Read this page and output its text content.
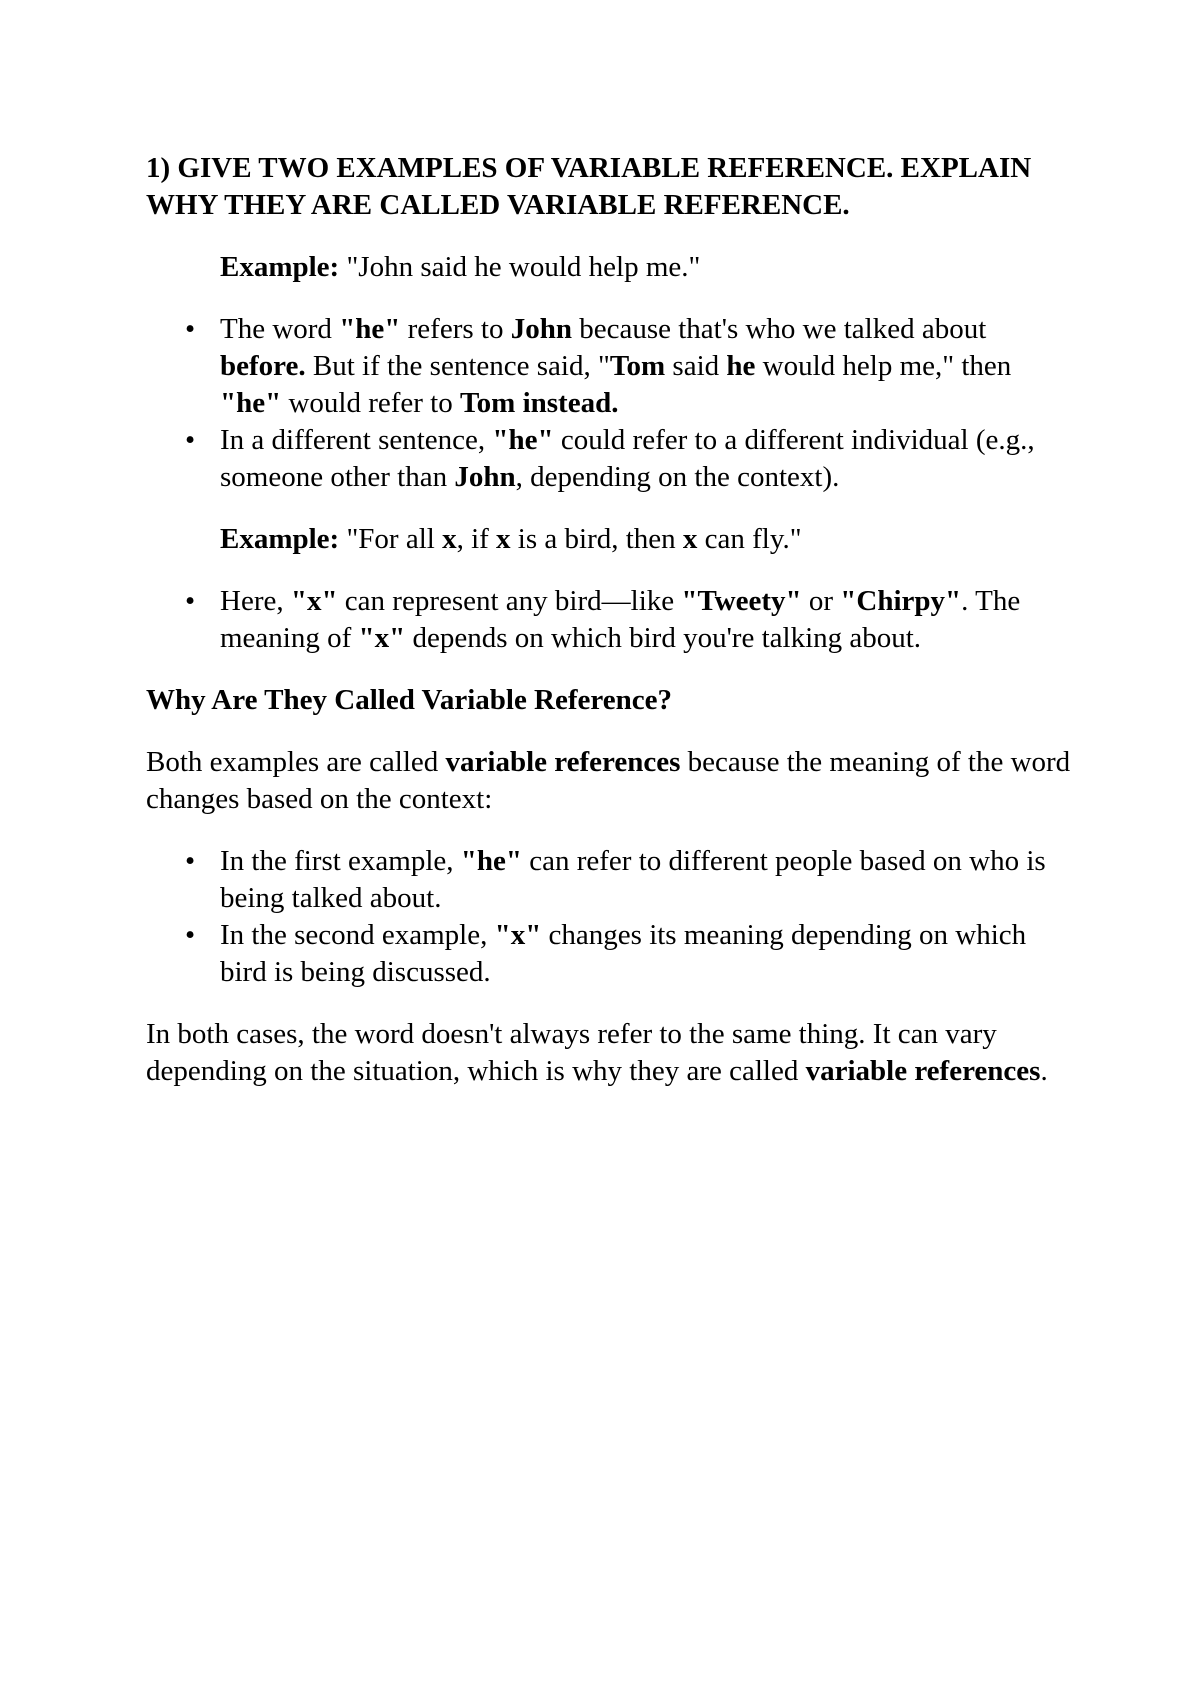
1) GIVE TWO EXAMPLES OF VARIABLE REFERENCE. EXPLAIN WHY THEY ARE CALLED VARIABLE REFERENCE.

Example: "John said he would help me."

• The word "he" refers to John because that's who we talked about before. But if the sentence said, "Tom said he would help me," then "he" would refer to Tom instead.
• In a different sentence, "he" could refer to a different individual (e.g., someone other than John, depending on the context).

Example: "For all x, if x is a bird, then x can fly."

• Here, "x" can represent any bird—like "Tweety" or "Chirpy". The meaning of "x" depends on which bird you're talking about.

Why Are They Called Variable Reference?

Both examples are called variable references because the meaning of the word changes based on the context:

• In the first example, "he" can refer to different people based on who is being talked about.
• In the second example, "x" changes its meaning depending on which bird is being discussed.

In both cases, the word doesn't always refer to the same thing. It can vary depending on the situation, which is why they are called variable references.
